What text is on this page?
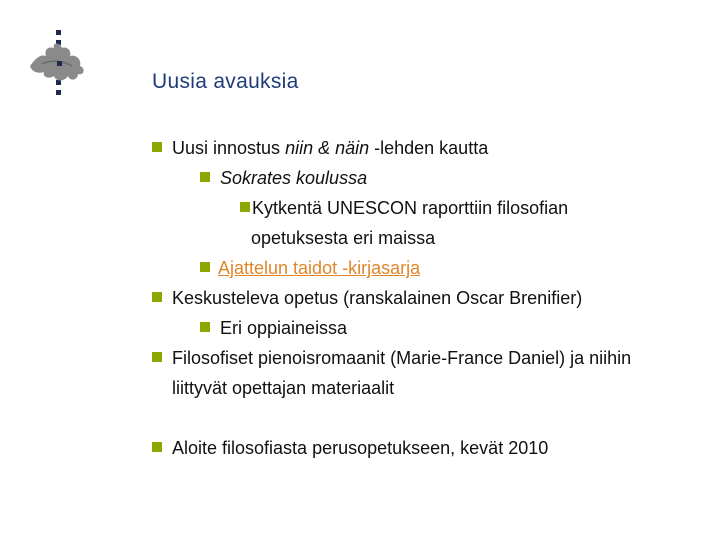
Uusia avauksia
Uusi innostus niin & näin -lehden kautta
Sokrates koulussa
Kytkentä UNESCON raporttiin filosofian
opetuksesta eri maissa
Ajattelun taidot -kirjasarja
Keskusteleva opetus (ranskalainen Oscar Brenifier)
Eri oppiaineissa
Filosofiset pienoisromaanit (Marie-France Daniel) ja niihin
liittyvät opettajan materiaalit
Aloite filosofiasta perusopetukseen, kevät 2010
